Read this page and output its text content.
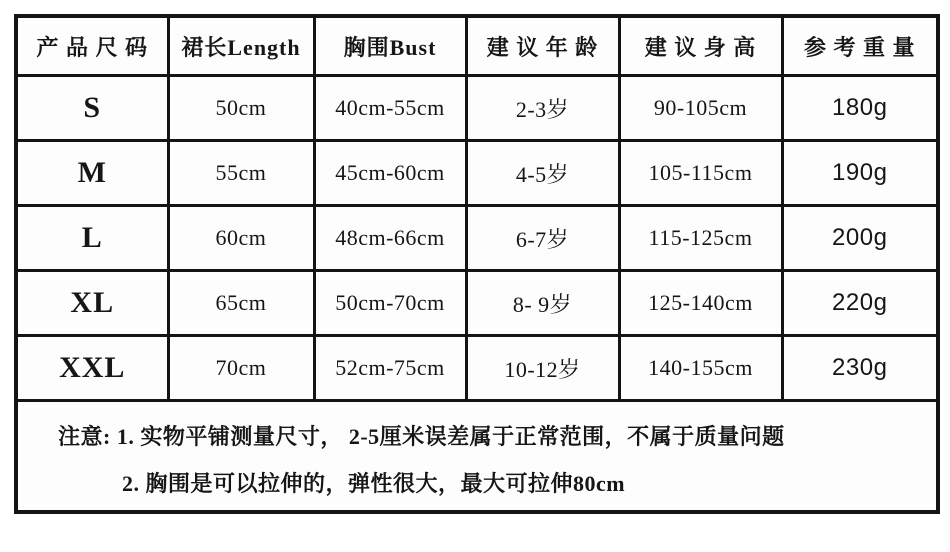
产 品 尺 码	裙长Length	胸围Bust	建 议 年 龄	建 议 身 高	参 考 重 量
S	50cm	40cm-55cm	2-3岁	90-105cm	180g
M	55cm	45cm-60cm	4-5岁	105-115cm	190g
L	60cm	48cm-66cm	6-7岁	115-125cm	200g
XL	65cm	50cm-70cm	8- 9岁	125-140cm	220g
XXL	70cm	52cm-75cm	10-12岁	140-155cm	230g

注意: 1. 实物平铺测量尺寸， 2-5厘米误差属于正常范围，不属于质量问题
2. 胸围是可以拉伸的，弹性很大，最大可拉伸80cm					
